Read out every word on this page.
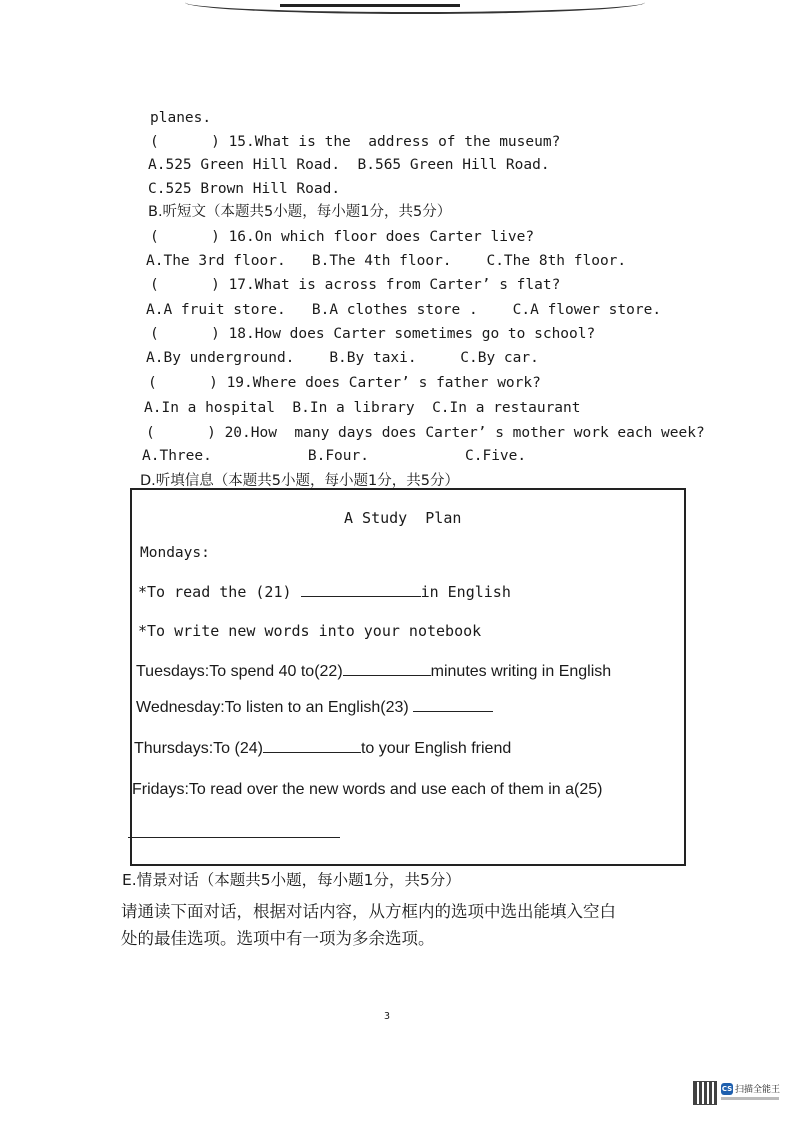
planes.
(      ) 15.What is the  address of the museum?
A.525 Green Hill Road.  B.565 Green Hill Road.
C.525 Brown Hill Road.
B.听短文（本题共5小题，每小题1分，共5分）
(      ) 16.On which floor does Carter live?
A.The 3rd floor.   B.The 4th floor.    C.The 8th floor.
(      ) 17.What is across from Carter’ s flat?
A.A fruit store.   B.A clothes store .    C.A flower store.
(      ) 18.How does Carter sometimes go to school?
A.By underground.    B.By taxi.     C.By car.
(      ) 19.Where does Carter’ s father work?
A.In a hospital  B.In a library  C.In a restaurant
(      ) 20.How  many days does Carter’ s mother work each week?
A.Three.           B.Four.           C.Five.
D.听填信息（本题共5小题，每小题1分，共5分）
A Study  Plan
Mondays:
*To read the (21)	in English
*To write new words into your notebook
Tuesdays:To spend 40 to(22)	minutes writing in English
Wednesday:To listen to an English(23)
Thursdays:To (24)	to your English friend
Fridays:To read over the new words and use each of them in a(25)
E.情景对话（本题共5小题，每小题1分，共5分）
请通读下面对话，根据对话内容，从方框内的选项中选出能填入空白
处的最佳选项。选项中有一项为多余选项。
3
CS 扫描全能王
